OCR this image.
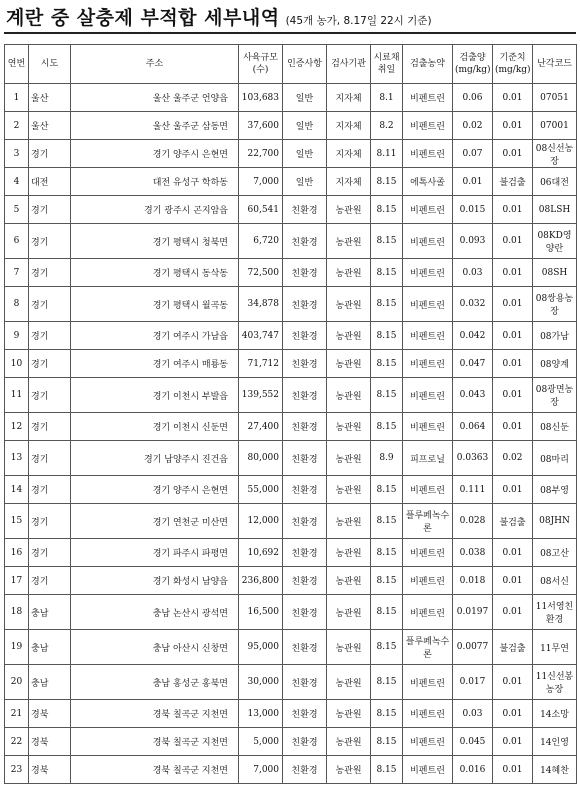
계란 중 살충제 부적합 세부내역 (45개 농가, 8.17일 22시 기준)
연번	시도	주소	사육규모(수)	인증사항	검사기관	시료채취일	검출농약	검출양(mg/kg)	기준치(mg/kg)	난각코드
1	울산	울산 울주군 언양읍	103,683	일반	지자체	8.1	비펜트린	0.06	0.01	07051
2	울산	울산 울주군 삼동면	37,600	일반	지자체	8.2	비펜트린	0.02	0.01	07001
3	경기	경기 양주시 은현면	22,700	일반	지자체	8.11	비펜트린	0.07	0.01	08신선농장
4	대전	대전 유성구 학하동	7,000	일반	지자체	8.15	에톡사졸	0.01	불검출	06대전
5	경기	경기 광주시 곤지암읍	60,541	친환경	농관원	8.15	비펜트린	0.015	0.01	08LSH
6	경기	경기 평택시 청북면	6,720	친환경	농관원	8.15	비펜트린	0.093	0.01	08KD영양란
7	경기	경기 평택시 동삭동	72,500	친환경	농관원	8.15	비펜트린	0.03	0.01	08SH
8	경기	경기 평택시 월곡동	34,878	친환경	농관원	8.15	비펜트린	0.032	0.01	08쌍용농장
9	경기	경기 여주시 가남읍	403,747	친환경	농관원	8.15	비펜트린	0.042	0.01	08가남
10	경기	경기 여주시 매룡동	71,712	친환경	농관원	8.15	비펜트린	0.047	0.01	08양계
11	경기	경기 이천시 부발읍	139,552	친환경	농관원	8.15	비펜트린	0.043	0.01	08광면농장
12	경기	경기 이천시 신둔면	27,400	친환경	농관원	8.15	비펜트린	0.064	0.01	08신둔
13	경기	경기 남양주시 진건읍	80,000	친환경	농관원	8.9	피프로닐	0.0363	0.02	08마리
14	경기	경기 양주시 은현면	55,000	친환경	농관원	8.15	비펜트린	0.111	0.01	08부영
15	경기	경기 연천군 미산면	12,000	친환경	농관원	8.15	플루페녹수론	0.028	불검출	08JHN
16	경기	경기 파주시 파평면	10,692	친환경	농관원	8.15	비펜트린	0.038	0.01	08고산
17	경기	경기 화성시 남양읍	236,800	친환경	농관원	8.15	비펜트린	0.018	0.01	08서신
18	충남	충남 논산시 광석면	16,500	친환경	농관원	8.15	비펜트린	0.0197	0.01	11서영친환경
19	충남	충남 아산시 신창면	95,000	친환경	농관원	8.15	플루페녹수론	0.0077	불검출	11무연
20	충남	충남 홍성군 홍북면	30,000	친환경	농관원	8.15	비펜트린	0.017	0.01	11신선봉농장
21	경북	경북 칠곡군 지천면	13,000	친환경	농관원	8.15	비펜트린	0.03	0.01	14소망
22	경북	경북 칠곡군 지천면	5,000	친환경	농관원	8.15	비펜트린	0.045	0.01	14인영
23	경북	경북 칠곡군 지천면	7,000	친환경	농관원	8.15	비펜트린	0.016	0.01	14혜찬
